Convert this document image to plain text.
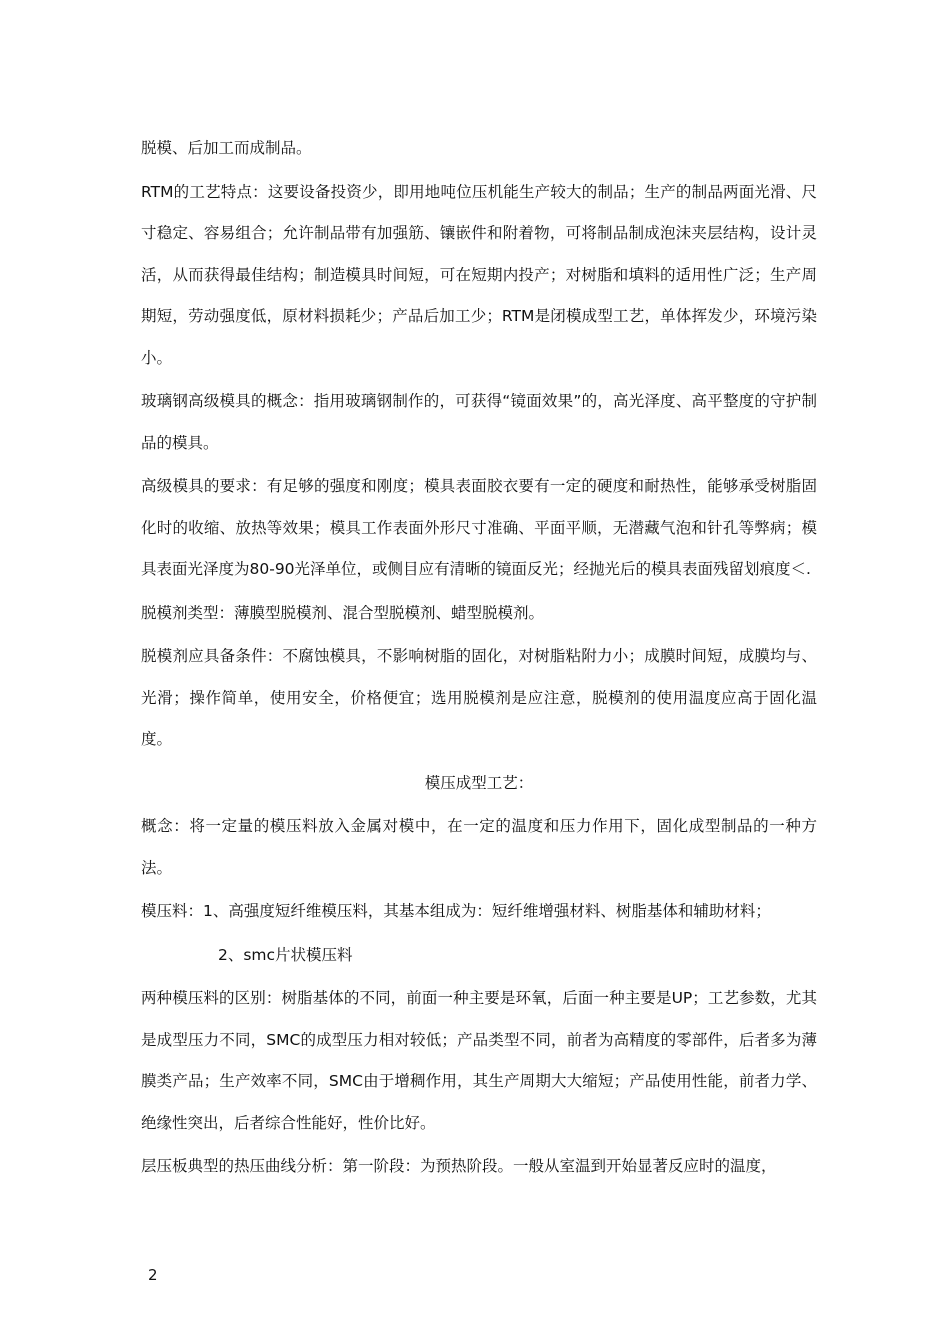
脱模、后加工而成制品。

RTM的工艺特点：这要设备投资少，即用地吨位压机能生产较大的制品；生产的制品两面光滑、尺寸稳定、容易组合；允许制品带有加强筋、镶嵌件和附着物，可将制品制成泡沫夹层结构，设计灵活，从而获得最佳结构；制造模具时间短，可在短期内投产；对树脂和填料的适用性广泛；生产周期短，劳动强度低，原材料损耗少；产品后加工少；RTM是闭模成型工艺，单体挥发少，环境污染小。

玻璃钢高级模具的概念：指用玻璃钢制作的，可获得“镜面效果”的，高光泽度、高平整度的守护制品的模具。

高级模具的要求：有足够的强度和刚度；模具表面胶衣要有一定的硬度和耐热性，能够承受树脂固化时的收缩、放热等效果；模具工作表面外形尺寸准确、平面平顺，无潜藏气泡和针孔等弊病；模具表面光泽度为80-90光泽单位，或侧目应有清晰的镜面反光；经抛光后的模具表面残留划痕度＜.

脱模剂类型：薄膜型脱模剂、混合型脱模剂、蜡型脱模剂。

脱模剂应具备条件：不腐蚀模具，不影响树脂的固化，对树脂粘附力小；成膜时间短，成膜均与、光滑；操作简单，使用安全，价格便宜；选用脱模剂是应注意，脱模剂的使用温度应高于固化温度。

模压成型工艺：

概念：将一定量的模压料放入金属对模中，在一定的温度和压力作用下，固化成型制品的一种方法。

模压料：1、高强度短纤维模压料，其基本组成为：短纤维增强材料、树脂基体和辅助材料；

2、smc片状模压料

两种模压料的区别：树脂基体的不同，前面一种主要是环氧，后面一种主要是UP；工艺参数，尤其是成型压力不同，SMC的成型压力相对较低；产品类型不同，前者为高精度的零部件，后者多为薄膜类产品；生产效率不同，SMC由于增稠作用，其生产周期大大缩短；产品使用性能，前者力学、绝缘性突出，后者综合性能好，性价比好。

层压板典型的热压曲线分析：第一阶段：为预热阶段。一般从室温到开始显著反应时的温度，

2
